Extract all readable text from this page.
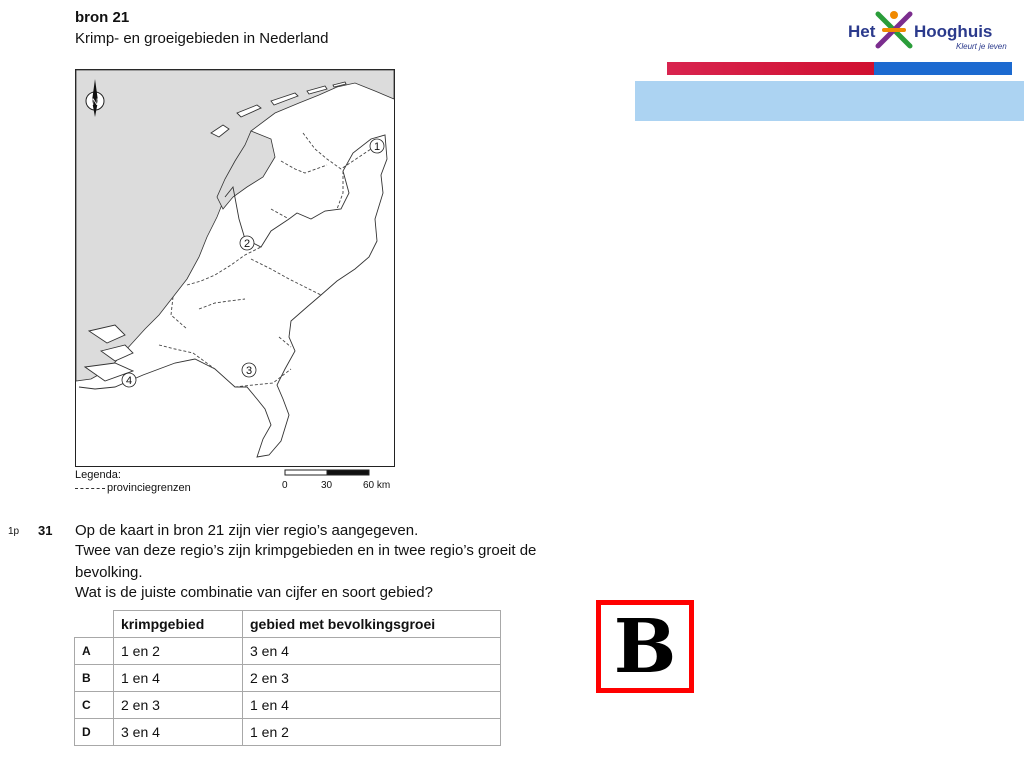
bron 21
Krimp- en groeigebieden in Nederland
1
2
3
4
N
Legenda:
provinciegrenzen	0	30	60 km
1p 31 Op de kaart in bron 21 zijn vier regio’s aangegeven.
Twee van deze regio’s zijn krimpgebieden en in twee regio’s groeit de
bevolking.
Wat is de juiste combinatie van cijfer en soort gebied?
	krimpgebied	gebied met bevolkingsgroei
A	1 en 2	3 en 4
B	1 en 4	2 en 3
C	2 en 3	1 en 4
D	3 en 4	1 en 2
B
Het Hooghuis
Kleurt je leven
